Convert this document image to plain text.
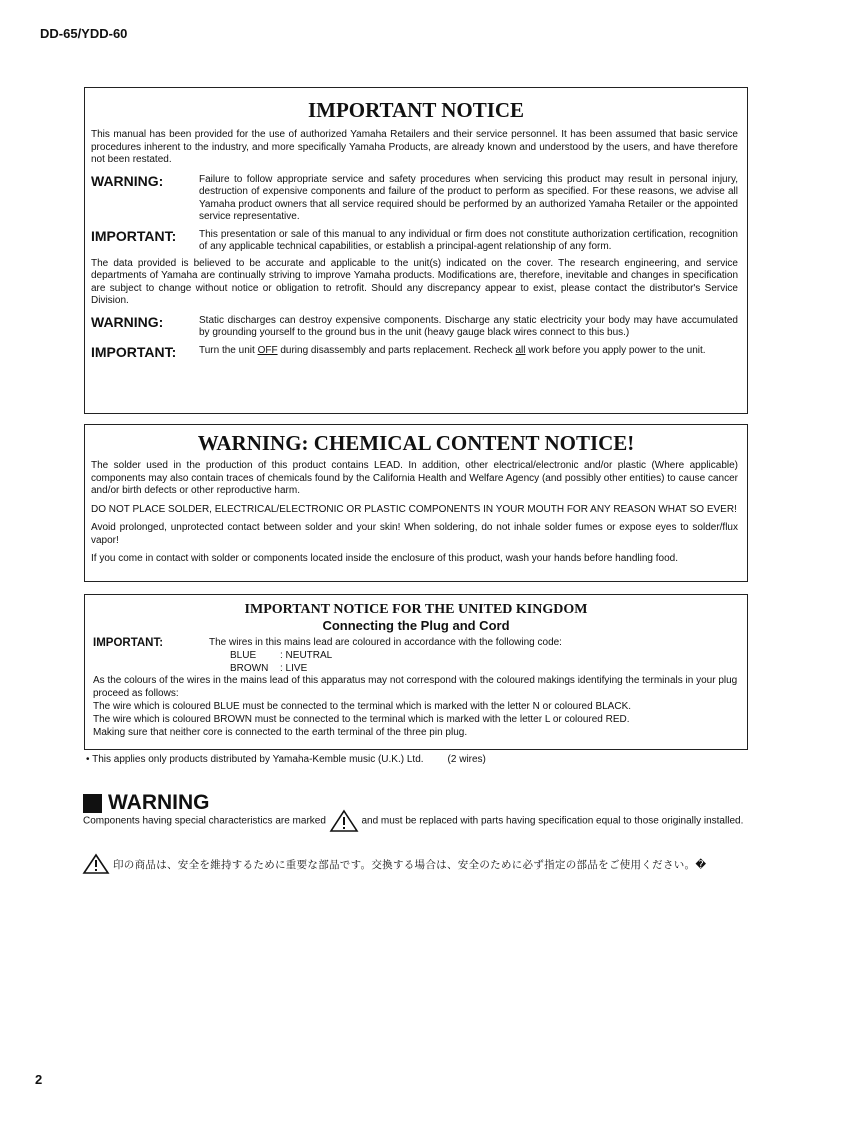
DD-65/YDD-60
IMPORTANT NOTICE
This manual has been provided for the use of authorized Yamaha Retailers and their service personnel. It has been assumed that basic service procedures inherent to the industry, and more specifically Yamaha Products, are already known and understood by the users, and have therefore not been restated.
WARNING:	Failure to follow appropriate service and safety procedures when servicing this product may result in personal injury, destruction of expensive components and failure of the product to perform as specified. For these reasons, we advise all Yamaha product owners that all service required should be performed by an authorized Yamaha Retailer or the appointed service representative.
IMPORTANT:	This presentation or sale of this manual to any individual or firm does not constitute authorization certification, recognition of any applicable technical capabilities, or establish a principal-agent relationship of any form.
The data provided is believed to be accurate and applicable to the unit(s) indicated on the cover. The research engineering, and service departments of Yamaha are continually striving to improve Yamaha products. Modifications are, therefore, inevitable and changes in specification are subject to change without notice or obligation to retrofit. Should any discrepancy appear to exist, please contact the distributor's Service Division.
WARNING:	Static discharges can destroy expensive components. Discharge any static electricity your body may have accumulated by grounding yourself to the ground bus in the unit (heavy gauge black wires connect to this bus.)
IMPORTANT:	Turn the unit OFF during disassembly and parts replacement. Recheck all work before you apply power to the unit.
WARNING: CHEMICAL CONTENT NOTICE!
The solder used in the production of this product contains LEAD. In addition, other electrical/electronic and/or plastic (Where applicable) components may also contain traces of chemicals found by the California Health and Welfare Agency (and possibly other entities) to cause cancer and/or birth defects or other reproductive harm.
DO NOT PLACE SOLDER, ELECTRICAL/ELECTRONIC OR PLASTIC COMPONENTS IN YOUR MOUTH FOR ANY REASON WHAT SO EVER!
Avoid prolonged, unprotected contact between solder and your skin! When soldering, do not inhale solder fumes or expose eyes to solder/flux vapor!
If you come in contact with solder or components located inside the enclosure of this product, wash your hands before handling food.
IMPORTANT NOTICE FOR THE UNITED KINGDOM
Connecting the Plug and Cord
IMPORTANT:	The wires in this mains lead are coloured in accordance with the following code:
BLUE	: NEUTRAL
BROWN	: LIVE
As the colours of the wires in the mains lead of this apparatus may not correspond with the coloured makings identifying the terminals in your plug proceed as follows:
The wire which is coloured BLUE must be connected to the terminal which is marked with the letter N or coloured BLACK.
The wire which is coloured BROWN must be connected to the terminal which is marked with the letter L or coloured RED.
Making sure that neither core is connected to the earth terminal of the three pin plug.
• This applies only products distributed by Yamaha-Kemble music (U.K.) Ltd. (2 wires)
WARNING
Components having special characteristics are marked	and must be replaced with parts having specification equal to those originally installed.
印の商品は、安全を維持するために重要な部品です。交換する場合は、安全のために必ず指定の部品をご使用ください。�
2
